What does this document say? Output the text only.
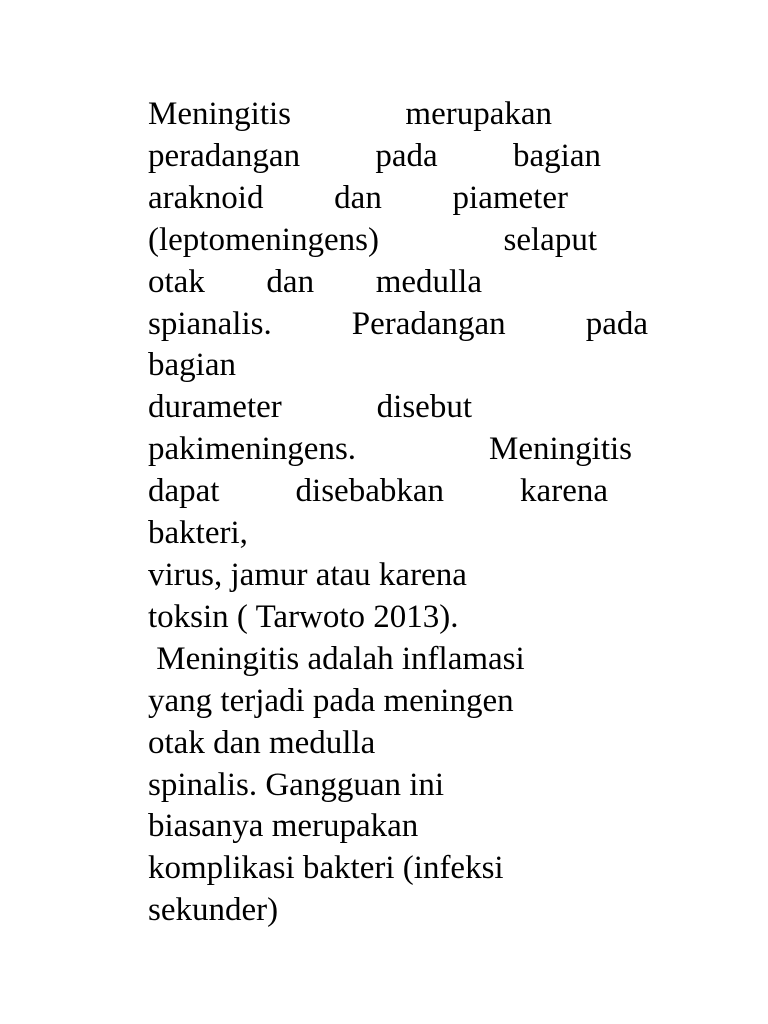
Meningitis merupakan
peradangan pada bagian
araknoid dan piameter
(leptomeningens) selaput
otak dan medulla
spianalis. Peradangan pada
bagian
durameter disebut
pakimeningens. Meningitis
dapat disebabkan karena
bakteri,
virus, jamur atau karena
toksin ( Tarwoto 2013).
Meningitis adalah inflamasi
yang terjadi pada meningen
otak dan medulla
spinalis. Gangguan ini
biasanya merupakan
komplikasi bakteri (infeksi
sekunder)
